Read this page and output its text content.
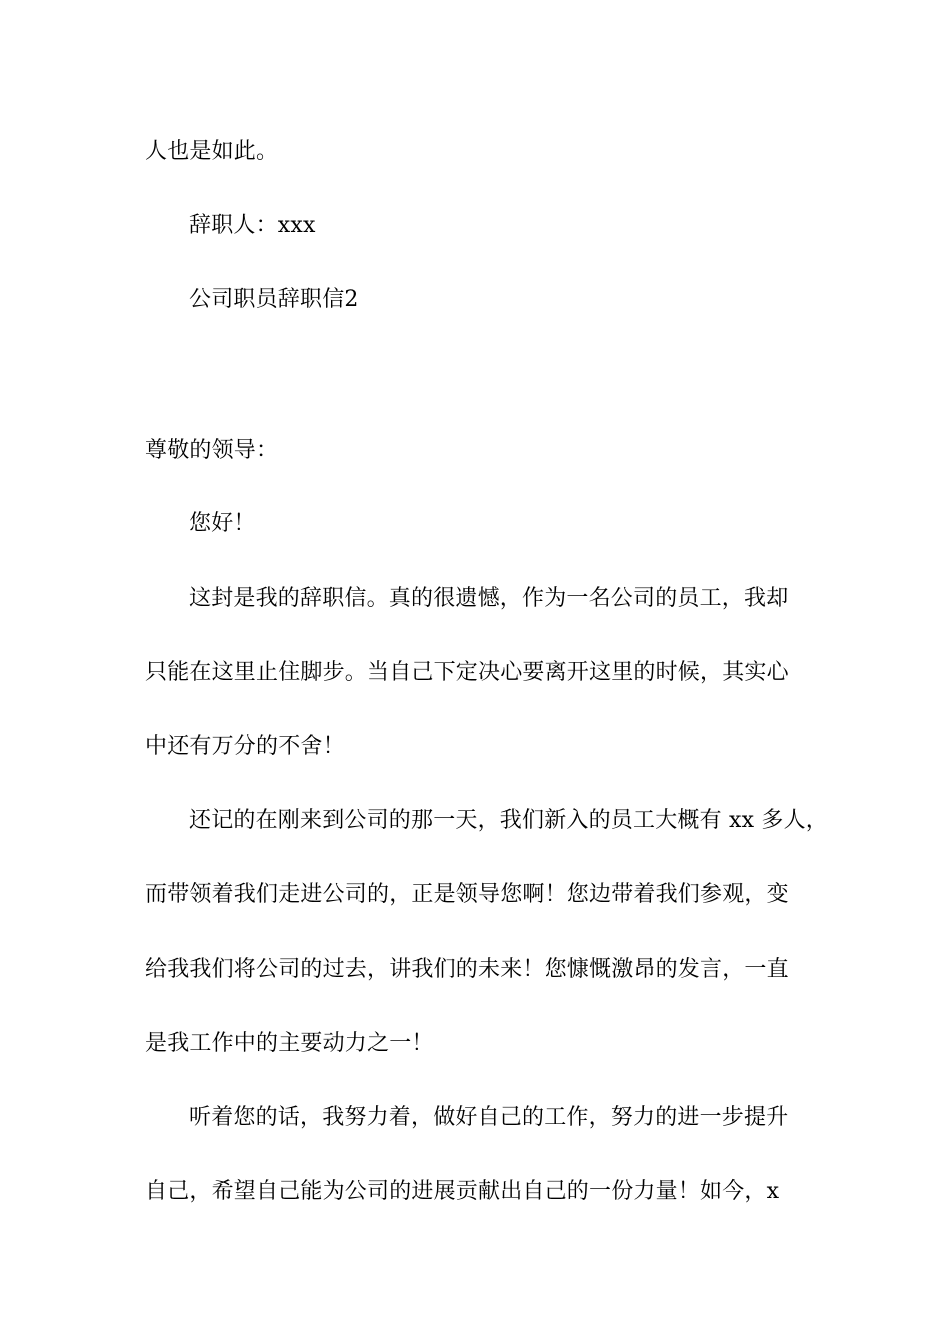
人也是如此。
辞职人：xxx
公司职员辞职信2
尊敬的领导：
您好！
这封是我的辞职信。真的很遗憾，作为一名公司的员工，我却
只能在这里止住脚步。当自己下定决心要离开这里的时候，其实心
中还有万分的不舍！
还记的在刚来到公司的那一天，我们新入的员工大概有 xx 多人，
而带领着我们走进公司的，正是领导您啊！您边带着我们参观，变
给我我们将公司的过去，讲我们的未来！您慷慨激昂的发言，一直
是我工作中的主要动力之一！
听着您的话，我努力着，做好自己的工作，努力的进一步提升
自己，希望自己能为公司的进展贡献出自己的一份力量！如今，x
